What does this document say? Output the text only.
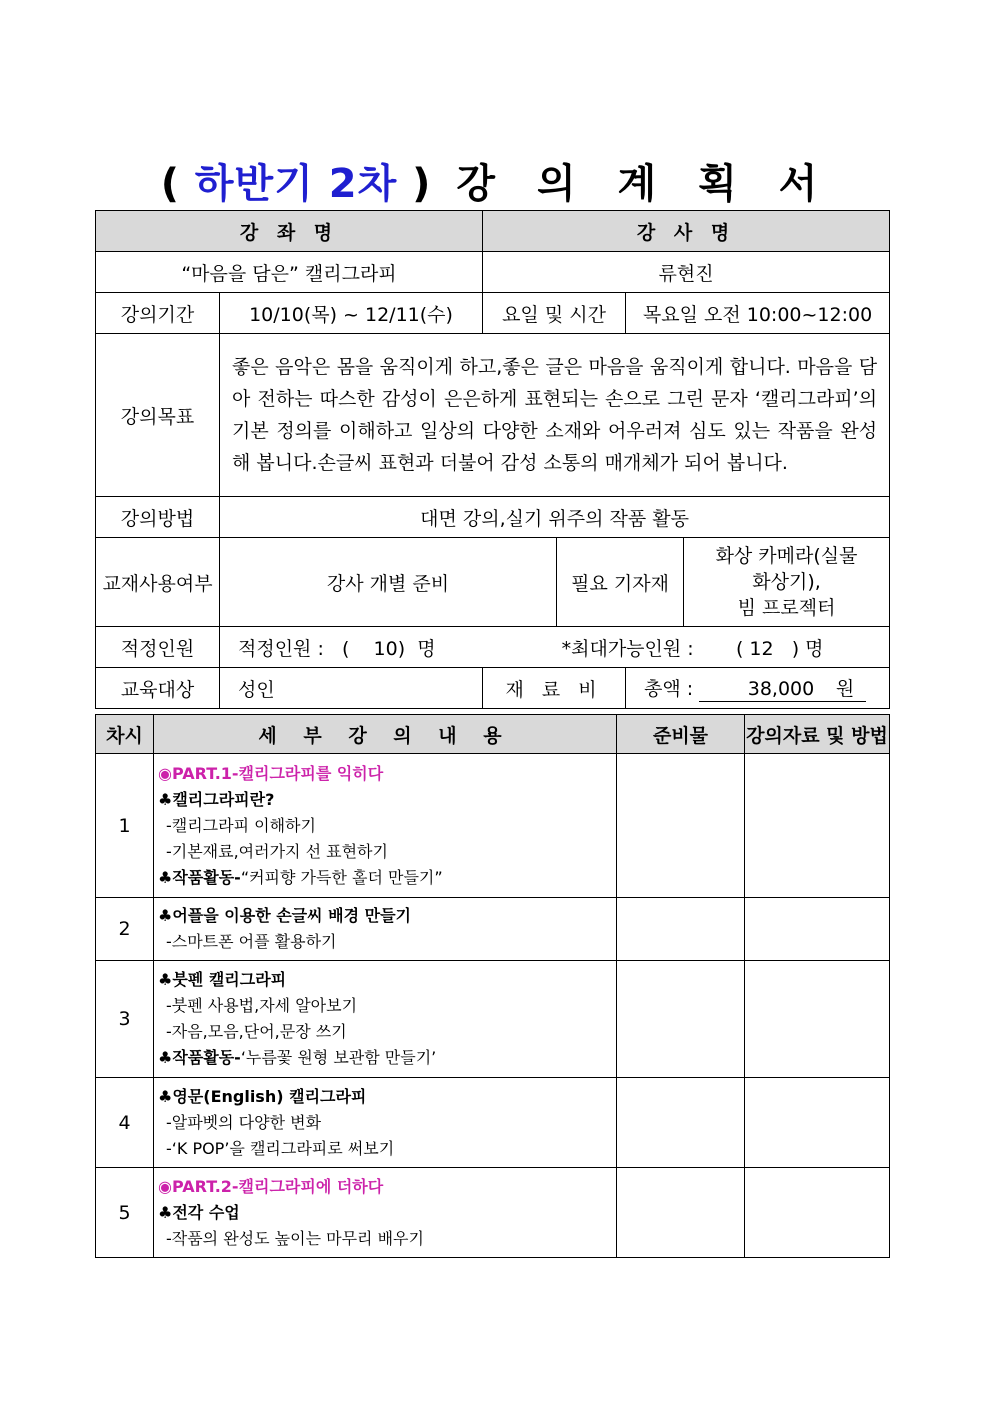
( 하반기 2차 ) 강 의 계 획 서
강 좌 명		강 사 명			
“마음을 담은” 캘리그라피		류현진			
강의기간	10/10(목) ~ 12/11(수)	요일 및 시간		목요일 오전 10:00~12:00	
강의목표	좋은 음악은 몸을 움직이게 하고,좋은 글은 마음을 움직이게 합니다. 마음을 담아 전하는 따스한 감성이 은은하게 표현되는 손으로 그린 문자 ‘캘리그라피’의 기본 정의를 이해하고 일상의 다양한 소재와 어우러져 심도 있는 작품을 완성해 봅니다.손글씨 표현과 더불어 감성 소통의 매개체가 되어 봅니다.				
강의방법	대면 강의,실기 위주의 작품 활동				
교재사용여부	강사 개별 준비		필요 기자재		화상 카메라(실물
화상기),
빔 프로젝터

적정인원	적정인원 :   (    10)  명 *최대가능인원 :       ( 12   ) 명				
교육대상	성인	재 료 비		총액 : 38,000 원	
차시	세 부 강 의 내 용	준비물	강의자료 및 방법
1	◉PART.1-캘리그라피를 익히다
♣캘리그라피란?
-캘리그라피 이해하기
-기본재료,여러가지 선 표현하기
♣작품활동-“커피향 가득한 홀더 만들기”		

2	♣어플을 이용한 손글씨 배경 만들기
-스마트폰 어플 활용하기		

3	♣붓펜 캘리그라피
-붓펜 사용법,자세 알아보기
-자음,모음,단어,문장 쓰기
♣작품활동-‘누름꽃 원형 보관함 만들기’		

4	♣영문(English) 캘리그라피
-알파벳의 다양한 변화
-‘K POP’을 캘리그라피로 써보기		

5	◉PART.2-캘리그라피에 더하다
♣전각 수업
-작품의 완성도 높이는 마무리 배우기		
